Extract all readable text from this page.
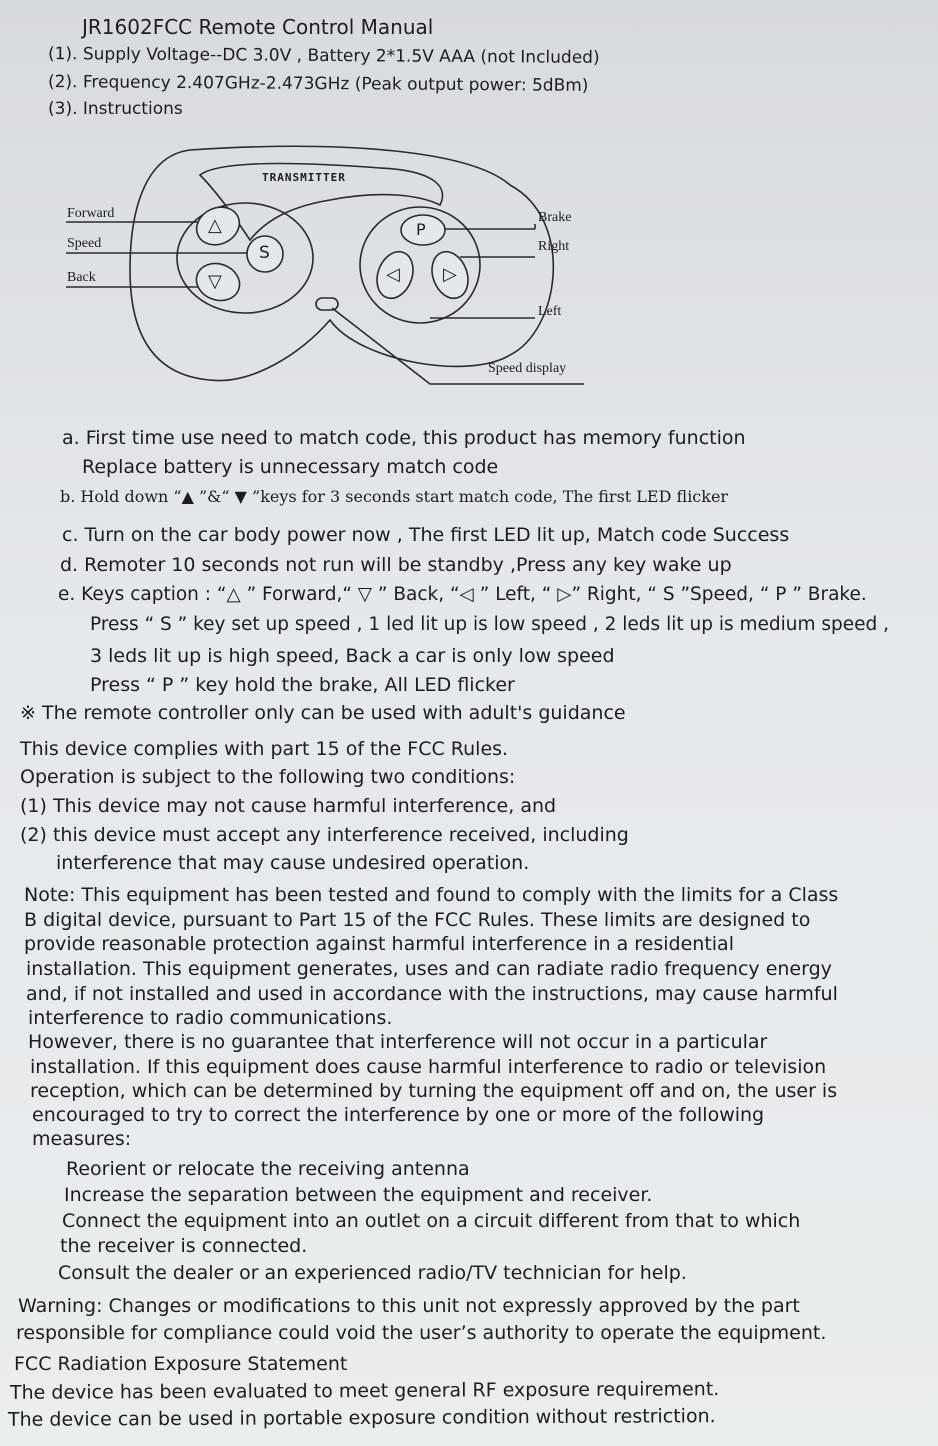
JR1602FCC Remote Control Manual
(1). Supply Voltage--DC 3.0V , Battery 2*1.5V AAA (not Included)
(2). Frequency 2.407GHz-2.473GHz (Peak output power: 5dBm)
(3). Instructions
△
▽
S
P
◁ ▷
TRANSMITTER
Forward
Speed
Back
Brake
Right
Left
Speed display
a. First time use need to match code, this product has memory function
Replace battery is unnecessary match code
b. Hold down “▲ ”&“ ▼ ”keys for 3 seconds start match code, The first LED flicker
c. Turn on the car body power now , The first LED lit up, Match code Success
d. Remoter 10 seconds not run will be standby ,Press any key wake up
e. Keys caption : “△ ” Forward,“ ▽ ” Back, “◁ ” Left, “ ▷” Right, “ S ”Speed, “ P ” Brake.
Press “ S ” key set up speed , 1 led lit up is low speed , 2 leds lit up is medium speed ,
3 leds lit up is high speed, Back a car is only low speed
Press “ P ” key hold the brake, All LED flicker
※ The remote controller only can be used with adult's guidance
This device complies with part 15 of the FCC Rules.
Operation is subject to the following two conditions:
(1) This device may not cause harmful interference, and
(2) this device must accept any interference received, including
interference that may cause undesired operation.
Note: This equipment has been tested and found to comply with the limits for a Class
B digital device, pursuant to Part 15 of the FCC Rules. These limits are designed to
provide reasonable protection against harmful interference in a residential
installation. This equipment generates, uses and can radiate radio frequency energy
and, if not installed and used in accordance with the instructions, may cause harmful
interference to radio communications.
However, there is no guarantee that interference will not occur in a particular
installation. If this equipment does cause harmful interference to radio or television
reception, which can be determined by turning the equipment off and on, the user is
encouraged to try to correct the interference by one or more of the following
measures:
Reorient or relocate the receiving antenna
Increase the separation between the equipment and receiver.
Connect the equipment into an outlet on a circuit different from that to which
the receiver is connected.
Consult the dealer or an experienced radio/TV technician for help.
Warning: Changes or modifications to this unit not expressly approved by the part
responsible for compliance could void the user’s authority to operate the equipment.
FCC Radiation Exposure Statement
The device has been evaluated to meet general RF exposure requirement.
The device can be used in portable exposure condition without restriction.
